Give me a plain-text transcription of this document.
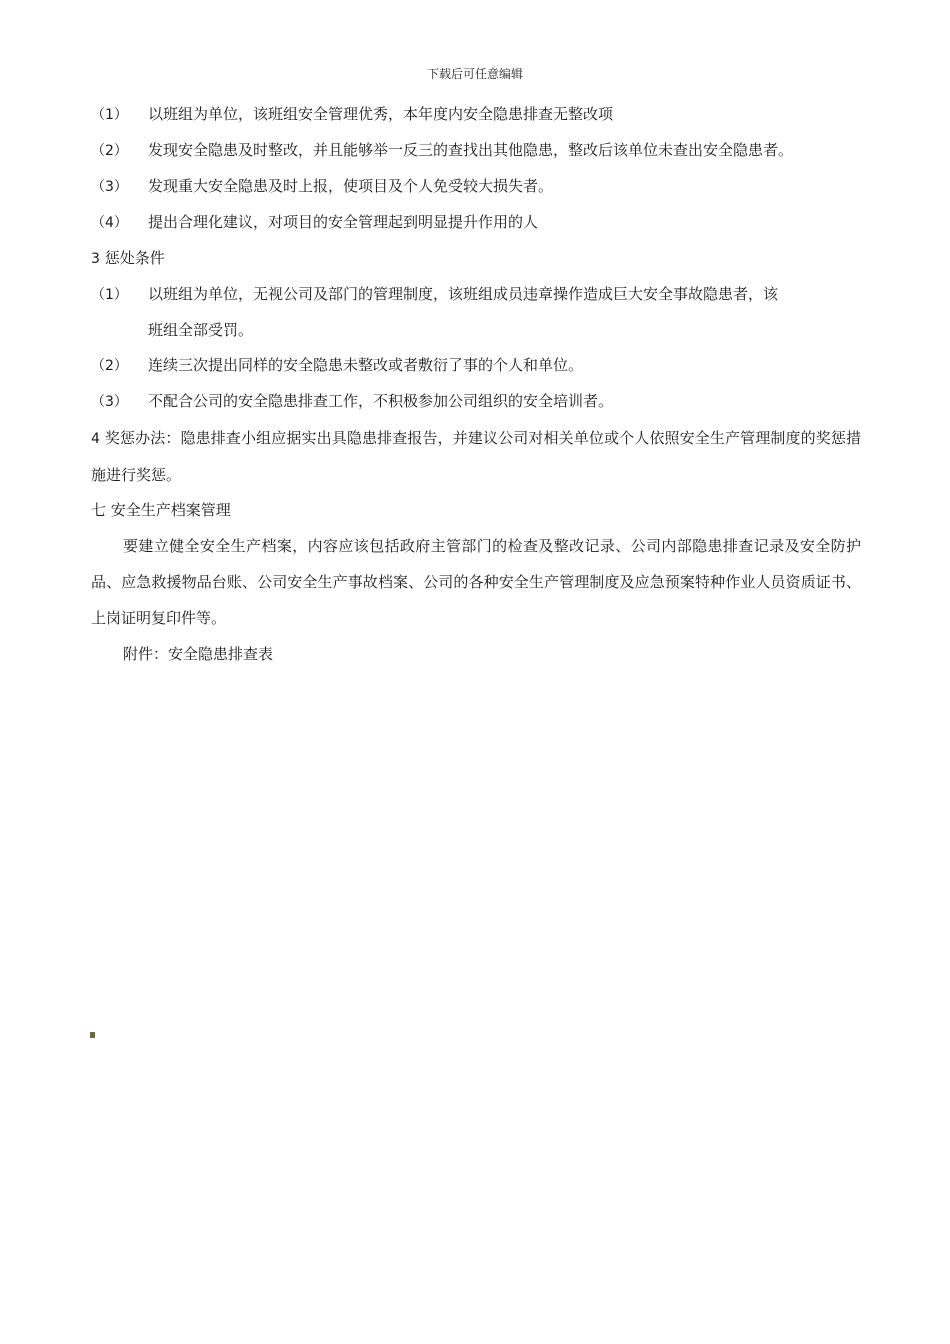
下载后可任意编辑
（1）	以班组为单位，该班组安全管理优秀，本年度内安全隐患排查无整改项
（2）	发现安全隐患及时整改，并且能够举一反三的查找出其他隐患，整改后该单位未查出安全隐患者。
（3）	发现重大安全隐患及时上报，使项目及个人免受较大损失者。
（4）	提出合理化建议，对项目的安全管理起到明显提升作用的人
3 惩处条件
（1）	以班组为单位，无视公司及部门的管理制度，该班组成员违章操作造成巨大安全事故隐患者，该
班组全部受罚。
（2）	连续三次提出同样的安全隐患未整改或者敷衍了事的个人和单位。
（3）	不配合公司的安全隐患排查工作，不积极参加公司组织的安全培训者。
4 奖惩办法：隐患排查小组应据实出具隐患排查报告，并建议公司对相关单位或个人依照安全生产管理制度的奖惩措施进行奖惩。
七 安全生产档案管理
要建立健全安全生产档案，内容应该包括政府主管部门的检查及整改记录、公司内部隐患排查记录及安全防护品、应急救援物品台账、公司安全生产事故档案、公司的各种安全生产管理制度及应急预案特种作业人员资质证书、上岗证明复印件等。
附件：安全隐患排查表
